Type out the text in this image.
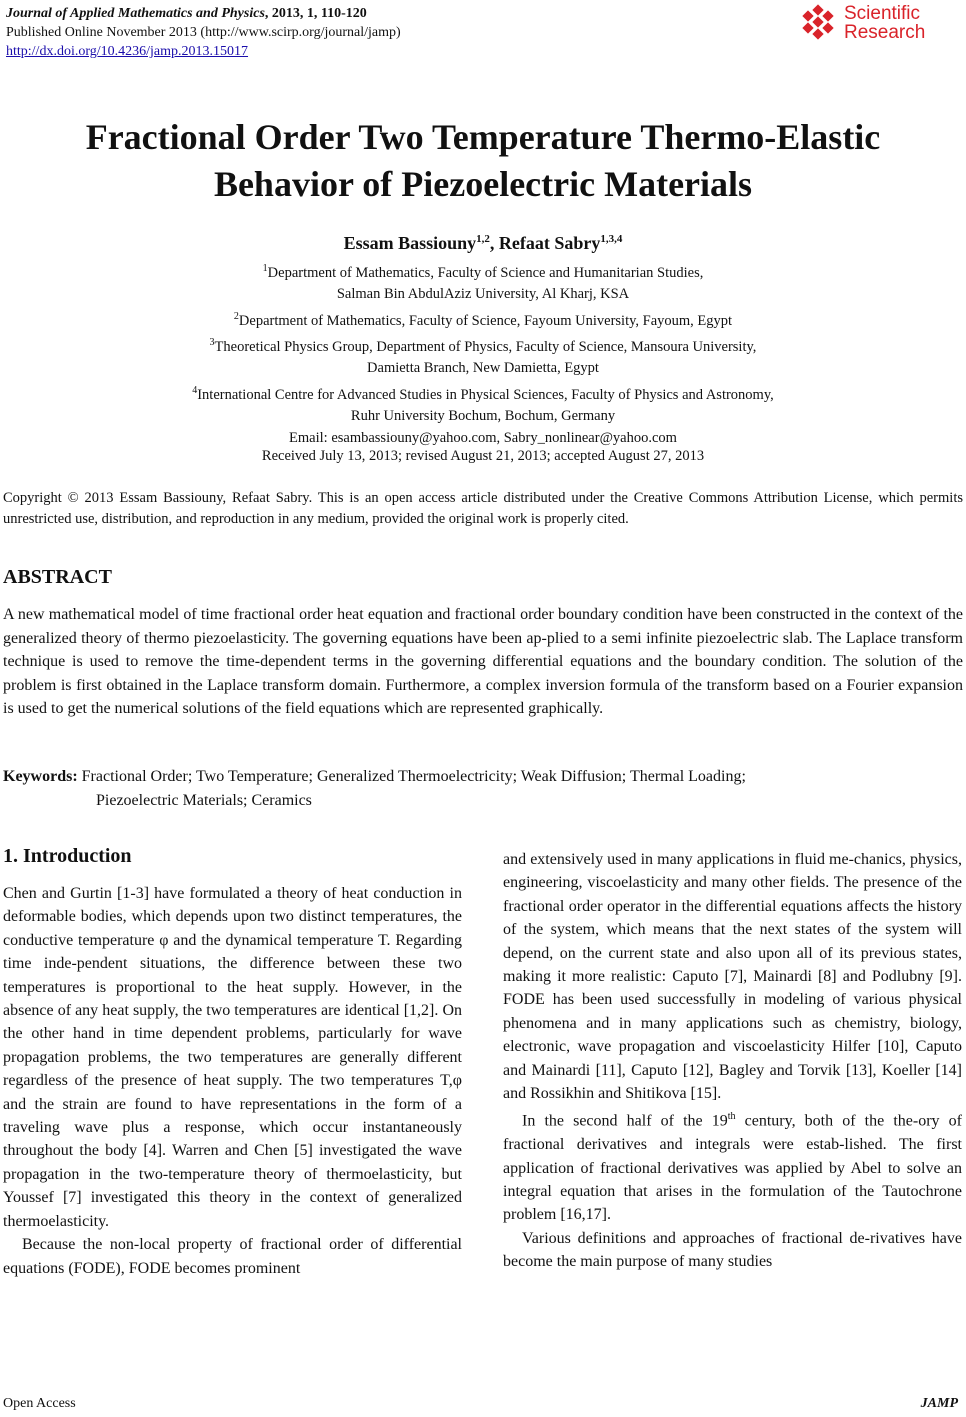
Journal of Applied Mathematics and Physics, 2013, 1, 110-120
Published Online November 2013 (http://www.scirp.org/journal/jamp)
http://dx.doi.org/10.4236/jamp.2013.15017
Scientific
Research
Fractional Order Two Temperature Thermo-Elastic
Behavior of Piezoelectric Materials
Essam Bassiouny$^{1,2}$, Refaat Sabry$^{1,3,4}$
$^1$Department of Mathematics, Faculty of Science and Humanitarian Studies,
Salman Bin AbdulAziz University, Al Kharj, KSA
$^2$Department of Mathematics, Faculty of Science, Fayoum University, Fayoum, Egypt
$^3$Theoretical Physics Group, Department of Physics, Faculty of Science, Mansoura University,
Damietta Branch, New Damietta, Egypt
$^4$International Centre for Advanced Studies in Physical Sciences, Faculty of Physics and Astronomy,
Ruhr University Bochum, Bochum, Germany
Email: esambassiouny@yahoo.com, Sabry_nonlinear@yahoo.com
Received July 13, 2013; revised August 21, 2013; accepted August 27, 2013
Copyright © 2013 Essam Bassiouny, Refaat Sabry. This is an open access article distributed under the Creative Commons Attribution License, which permits unrestricted use, distribution, and reproduction in any medium, provided the original work is properly cited.
ABSTRACT
A new mathematical model of time fractional order heat equation and fractional order boundary condition have been constructed in the context of the generalized theory of thermo piezoelasticity. The governing equations have been ap-plied to a semi infinite piezoelectric slab. The Laplace transform technique is used to remove the time-dependent terms in the governing differential equations and the boundary condition. The solution of the problem is first obtained in the Laplace transform domain. Furthermore, a complex inversion formula of the transform based on a Fourier expansion is used to get the numerical solutions of the field equations which are represented graphically.
Keywords: Fractional Order; Two Temperature; Generalized Thermoelectricity; Weak Diffusion; Thermal Loading;
Piezoelectric Materials; Ceramics
1. Introduction

Chen and Gurtin [1-3] have formulated a theory of heat conduction in deformable bodies, which depends upon two distinct temperatures, the conductive temperature φ and the dynamical temperature T. Regarding time inde-pendent situations, the difference between these two temperatures is proportional to the heat supply. However, in the absence of any heat supply, the two temperatures are identical [1,2]. On the other hand in time dependent problems, particularly for wave propagation problems, the two temperatures are generally different regardless of the presence of heat supply. The two temperatures T,φ and the strain are found to have representations in the form of a traveling wave plus a response, which occur instantaneously throughout the body [4]. Warren and Chen [5] investigated the wave propagation in the two-temperature theory of thermoelasticity, but Youssef [7] investigated this theory in the context of generalized thermoelasticity.

Because the non-local property of fractional order of differential equations (FODE), FODE becomes prominent

and extensively used in many applications in fluid me-chanics, physics, engineering, viscoelasticity and many other fields. The presence of the fractional order operator in the differential equations affects the history of the system, which means that the next states of the system will depend, on the current state and also upon all of its previous states, making it more realistic: Caputo [7], Mainardi [8] and Podlubny [9]. FODE has been used successfully in modeling of various physical phenomena and in many applications such as chemistry, biology, electronic, wave propagation and viscoelasticity Hilfer [10], Caputo and Mainardi [11], Caputo [12], Bagley and Torvik [13], Koeller [14] and Rossikhin and Shitikova [15].

In the second half of the 19th century, both of the the-ory of fractional derivatives and integrals were estab-lished. The first application of fractional derivatives was applied by Abel to solve an integral equation that arises in the formulation of the Tautochrone problem [16,17].

Various definitions and approaches of fractional de-rivatives have become the main purpose of many studies

Open Access	JAMP
